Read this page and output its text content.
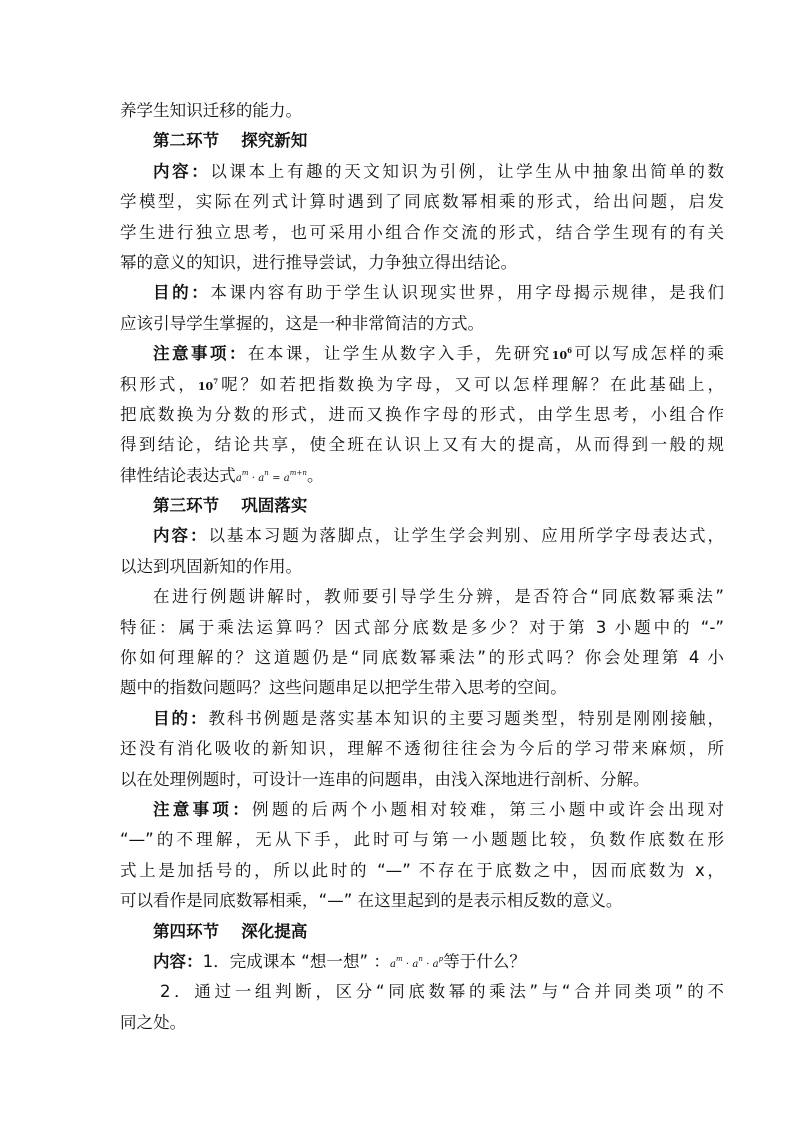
养学生知识迁移的能力。
第二环节 探究新知
内容：以课本上有趣的天文知识为引例，让学生从中抽象出简单的数
学模型，实际在列式计算时遇到了同底数幂相乘的形式，给出问题，启发
学生进行独立思考，也可采用小组合作交流的形式，结合学生现有的有关
幂的意义的知识，进行推导尝试，力争独立得出结论。
目的：本课内容有助于学生认识现实世界，用字母揭示规律，是我们
应该引导学生掌握的，这是一种非常简洁的方式。
注意事项：在本课，让学生从数字入手，先研究$10^6$可以写成怎样的乘
积形式，$10^7$呢？如若把指数换为字母，又可以怎样理解？在此基础上，
把底数换为分数的形式，进而又换作字母的形式，由学生思考，小组合作
得到结论，结论共享，使全班在认识上又有大的提高，从而得到一般的规
律性结论表达式$a^m \cdot a^n = a^{m+n}$。
第三环节 巩固落实
内容：以基本习题为落脚点，让学生学会判别、应用所学字母表达式，
以达到巩固新知的作用。
在进行例题讲解时，教师要引导学生分辨，是否符合“同底数幂乘法”
特征：属于乘法运算吗？因式部分底数是多少？对于第 3 小题中的 “-”
你如何理解的？这道题仍是“同底数幂乘法”的形式吗？你会处理第 4 小
题中的指数问题吗？这些问题串足以把学生带入思考的空间。
目的：教科书例题是落实基本知识的主要习题类型，特别是刚刚接触，
还没有消化吸收的新知识，理解不透彻往往会为今后的学习带来麻烦，所
以在处理例题时，可设计一连串的问题串，由浅入深地进行剖析、分解。
注意事项：例题的后两个小题相对较难，第三小题中或许会出现对
“—”的不理解，无从下手，此时可与第一小题题比较，负数作底数在形
式上是加括号的，所以此时的 “—” 不存在于底数之中，因而底数为 x，
可以看作是同底数幂相乘，“—” 在这里起到的是表示相反数的意义。
第四环节 深化提高
内容：1．完成课本 “想一想” ：$a^m \cdot a^n \cdot a^p$等于什么？
2．通过一组判断，区分“同底数幂的乘法”与“合并同类项”的不
同之处。
